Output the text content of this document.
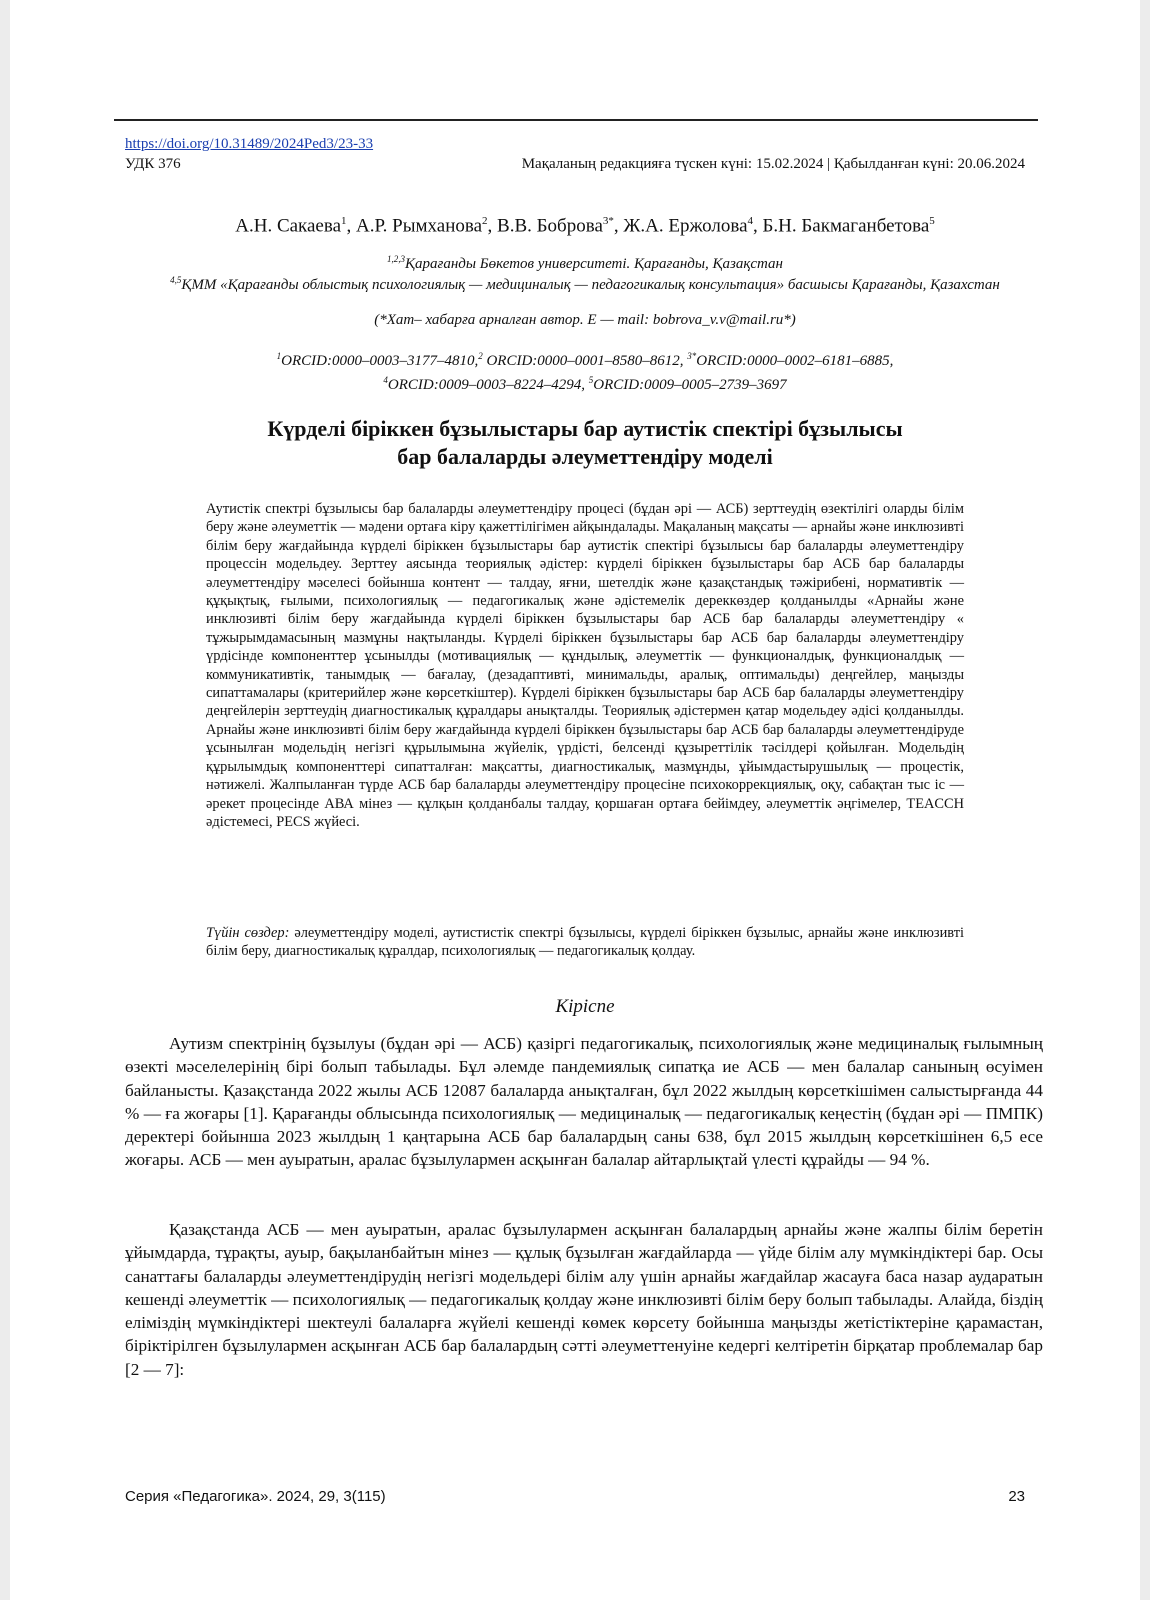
https://doi.org/10.31489/2024Ped3/23-33
УДК 376	Мақаланың редакцияға түскен күні: 15.02.2024 | Қабылданған күні: 20.06.2024
А.Н. Сакаева$^1$, А.Р. Рымханова$^2$, В.В. Боброва$^{3*}$, Ж.А. Ержолова$^4$, Б.Н. Бакмаганбетова$^5$
$^{1,2,3}$Қарағанды Бөкетов университеті. Қарағанды, Қазақстан
$^{4,5}$ҚММ «Қарағанды облыстық психологиялық — медициналық — педагогикалық консультация» басшысы Қарағанды, Қазахстан
(*Хат– хабарға арналған автор. E — mail: bobrova_v.v@mail.ru*)
$^1$ORCID:0000–0003–3177–4810,$^2$ ORCID:0000–0001–8580–8612, $^{3*}$ORCID:0000–0002–6181–6885,
$^4$ORCID:0009–0003–8224–4294, $^5$ORCID:0009–0005–2739–3697
Күрделі біріккен бұзылыстары бар аутистік спектірі бұзылысы
бар балаларды әлеуметтендіру моделі
Аутистік спектрі бұзылысы бар балаларды әлеуметтендіру процесі (бұдан әрі — АСБ) зерттеудің өзектілігі оларды білім беру және әлеуметтік — мәдени ортаға кіру қажеттілігімен айқындалады. Мақаланың мақсаты — арнайы және инклюзивті білім беру жағдайында күрделі біріккен бұзылыстары бар аутистік спектірі бұзылысы бар балаларды әлеуметтендіру процессін модельдеу. Зерттеу аясында теориялық әдістер: күрделі біріккен бұзылыстары бар АСБ бар балаларды әлеуметтендіру мәселесі бойынша контент — талдау, яғни, шетелдік және қазақстандық тәжірибені, нормативтік — құқықтық, ғылыми, психологиялық — педагогикалық және әдістемелік дереккөздер қолданылды «Арнайы және инклюзивті білім беру жағдайында күрделі біріккен бұзылыстары бар АСБ бар балаларды әлеуметтендіру « тұжырымдамасының мазмұны нақтыланды. Күрделі біріккен бұзылыстары бар АСБ бар балаларды әлеуметтендіру үрдісінде компоненттер ұсынылды (мотивациялық — құндылық, әлеуметтік — функционалдық, функционалдық — коммуникативтік, танымдық — бағалау, (дезадаптивті, минимальды, аралық, оптимальды) деңгейлер, маңызды сипаттамалары (критерийлер және көрсеткіштер). Күрделі біріккен бұзылыстары бар АСБ бар балаларды әлеуметтендіру деңгейлерін зерттеудің диагностикалық құралдары анықталды. Теориялық әдістермен қатар модельдеу әдісі қолданылды. Арнайы және инклюзивті білім беру жағдайында күрделі біріккен бұзылыстары бар АСБ бар балаларды әлеуметтендіруде ұсынылған модельдің негізгі құрылымына жүйелік, үрдісті, белсенді құзыреттілік тәсілдері қойылған. Модельдің құрылымдық компоненттері сипатталған: мақсатты, диагностикалық, мазмұнды, ұйымдастырушылық — процестік, нәтижелі. Жалпыланған түрде АСБ бар балаларды әлеуметтендіру процесіне психокоррекциялық, оқу, сабақтан тыс іс — әрекет процесінде АВА мінез — құлқын қолданбалы талдау, қоршаған ортаға бейімдеу, әлеуметтік әңгімелер, TEACCH әдістемесі, PECS жүйесі.
Түйін сөздер: әлеуметтендіру моделі, аутистистік спектрі бұзылысы, күрделі біріккен бұзылыс, арнайы және инклюзивті білім беру, диагностикалық құралдар, психологиялық — педагогикалық қолдау.
Кіріспе

Аутизм спектрінің бұзылуы (бұдан әрі — АСБ) қазіргі педагогикалық, психологиялық және медициналық ғылымның өзекті мәселелерінің бірі болып табылады. Бұл әлемде пандемиялық сипатқа ие АСБ — мен балалар санының өсуімен байланысты. Қазақстанда 2022 жылы АСБ 12087 балаларда анықталған, бұл 2022 жылдың көрсеткішімен салыстырғанда 44 % — ға жоғары [1]. Қарағанды облысында психологиялық — медициналық — педагогикалық кеңестің (бұдан әрі — ПМПК) деректері бойынша 2023 жылдың 1 қаңтарына АСБ бар балалардың саны 638, бұл 2015 жылдың көрсеткішінен 6,5 есе жоғары. АСБ — мен ауыратын, аралас бұзылулармен асқынған балалар айтарлықтай үлесті құрайды — 94 %.

Қазақстанда АСБ — мен ауыратын, аралас бұзылулармен асқынған балалардың арнайы және жалпы білім беретін ұйымдарда, тұрақты, ауыр, бақыланбайтын мінез — құлық бұзылған жағдайларда — үйде білім алу мүмкіндіктері бар. Осы санаттағы балаларды әлеуметтендірудің негізгі модельдері білім алу үшін арнайы жағдайлар жасауға баса назар аударатын кешенді әлеуметтік — психологиялық — педагогикалық қолдау және инклюзивті білім беру болып табылады. Алайда, біздің еліміздің мүмкіндіктері шектеулі балаларға жүйелі кешенді көмек көрсету бойынша маңызды жетістіктеріне қарамастан, біріктірілген бұзылулармен асқынған АСБ бар балалардың сәтті әлеуметтенуіне кедергі келтіретін бірқатар проблемалар бар [2 — 7]:

Серия «Педагогика». 2024, 29, 3(115)	23
